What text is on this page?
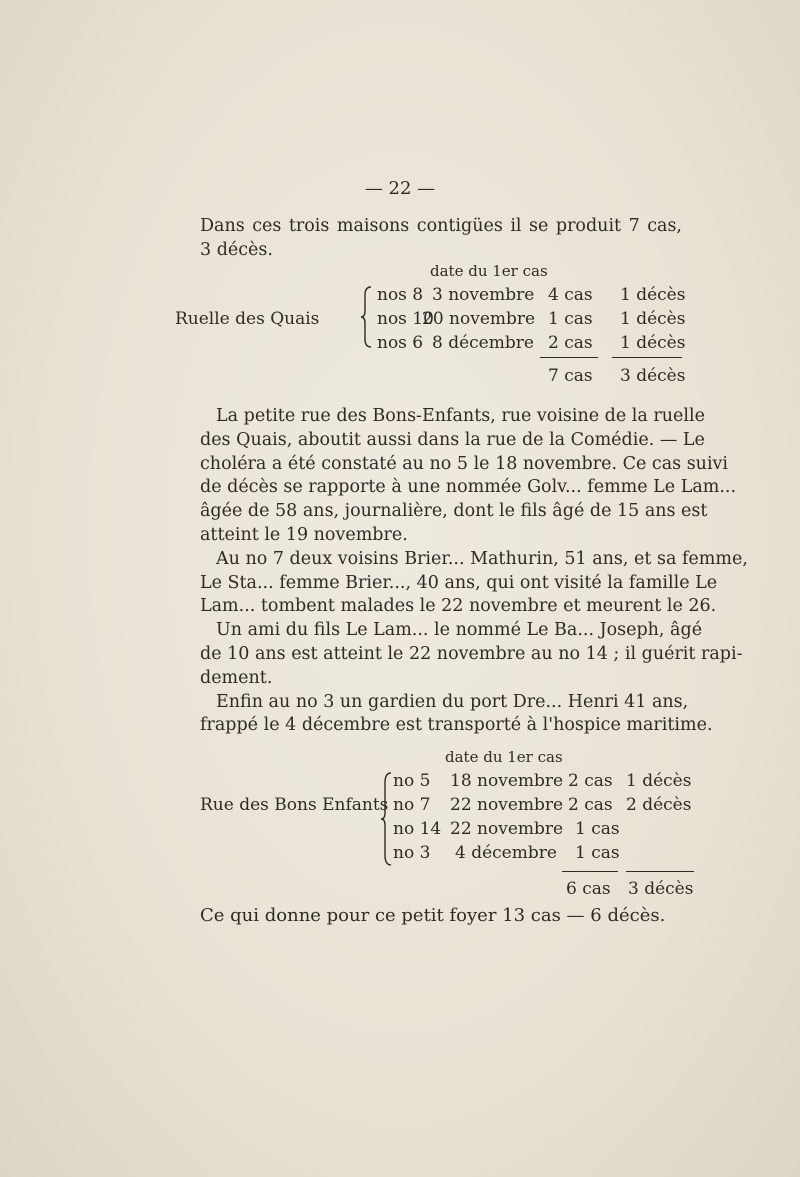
— 22 —
Dans ces trois maisons contigües il se produit 7 cas,
3 décès.
date du 1er cas
Ruelle des Quais
nos 8 3 novembre 4 cas 1 décès
nos 10
20 novembre 1 cas 1 décès
nos 6 8 décembre 2 cas 1 décès
7 cas 3 décès
La petite rue des Bons-Enfants, rue voisine de la ruelle
des Quais, aboutit aussi dans la rue de la Comédie. — Le
choléra a été constaté au no 5 le 18 novembre. Ce cas suivi
de décès se rapporte à une nommée Golv... femme Le Lam...
âgée de 58 ans, journalière, dont le fils âgé de 15 ans est
atteint le 19 novembre.
Au no 7 deux voisins Brier... Mathurin, 51 ans, et sa femme,
Le Sta... femme Brier..., 40 ans, qui ont visité la famille Le
Lam... tombent malades le 22 novembre et meurent le 26.
Un ami du fils Le Lam... le nommé Le Ba... Joseph, âgé
de 10 ans est atteint le 22 novembre au no 14 ; il guérit rapi-
dement.
Enfin au no 3 un gardien du port Dre... Henri 41 ans,
frappé le 4 décembre est transporté à l'hospice maritime.
date du 1er cas
Rue des Bons Enfants
no 5 18 novembre 2 cas 1 décès
no 7 22 novembre 2 cas 2 décès
no 14 22 novembre 1 cas
no 3 4 décembre 1 cas
6 cas 3 décès
Ce qui donne pour ce petit foyer 13 cas — 6 décès.
